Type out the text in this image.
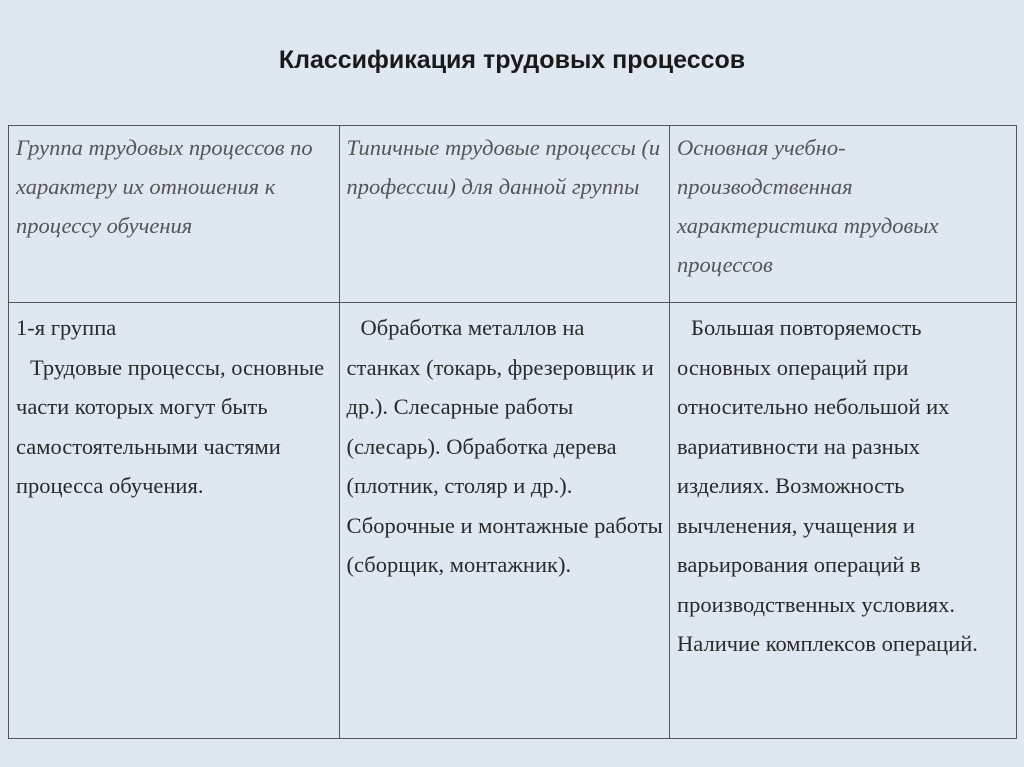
Классификация трудовых процессов
Группа трудовых процессов по характеру их отношения к процессу обучения	Типичные трудовые процессы (и профессии) для данной группы	Основная учебно-производственная характеристика трудовых процессов

1-я группа
Трудовые процессы, основные части которых могут быть самостоятельными частями процесса обучения.	Обработка металлов на станках (токарь, фрезеровщик и др.). Слесарные работы (слесарь). Обработка дерева (плотник, столяр и др.). Сборочные и монтажные работы (сборщик, монтажник).	Большая повторяемость основных операций при относительно небольшой их вариативности на разных изделиях. Возможность вычленения, учащения и варьирования операций в производственных условиях. Наличие комплексов операций.
